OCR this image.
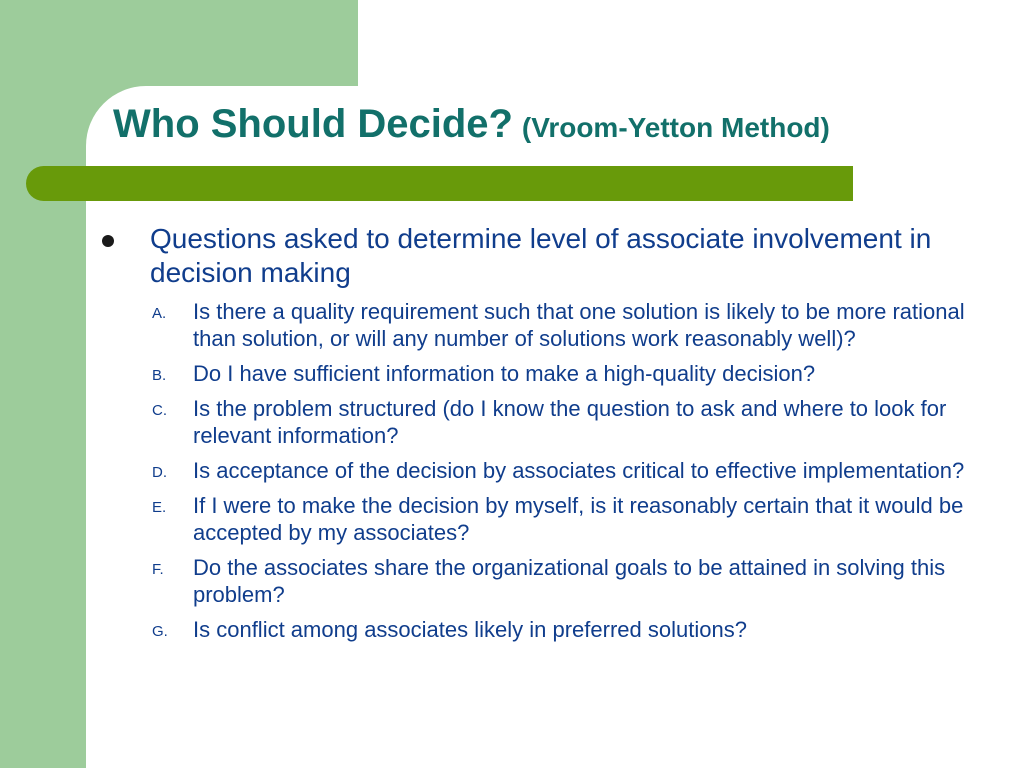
Who Should Decide? (Vroom-Yetton Method)
Questions asked to determine level of associate involvement in decision making
A. Is there a quality requirement such that one solution is likely to be more rational than solution, or will any number of solutions work reasonably well)?
B. Do I have sufficient information to make a high-quality decision?
C. Is the problem structured (do I know the question to ask and where to look for relevant information?
D. Is acceptance of the decision by associates critical to effective implementation?
E. If I were to make the decision by myself, is it reasonably certain that it would be accepted by my associates?
F. Do the associates share the organizational goals to be attained in solving this problem?
G. Is conflict among associates likely in preferred solutions?
